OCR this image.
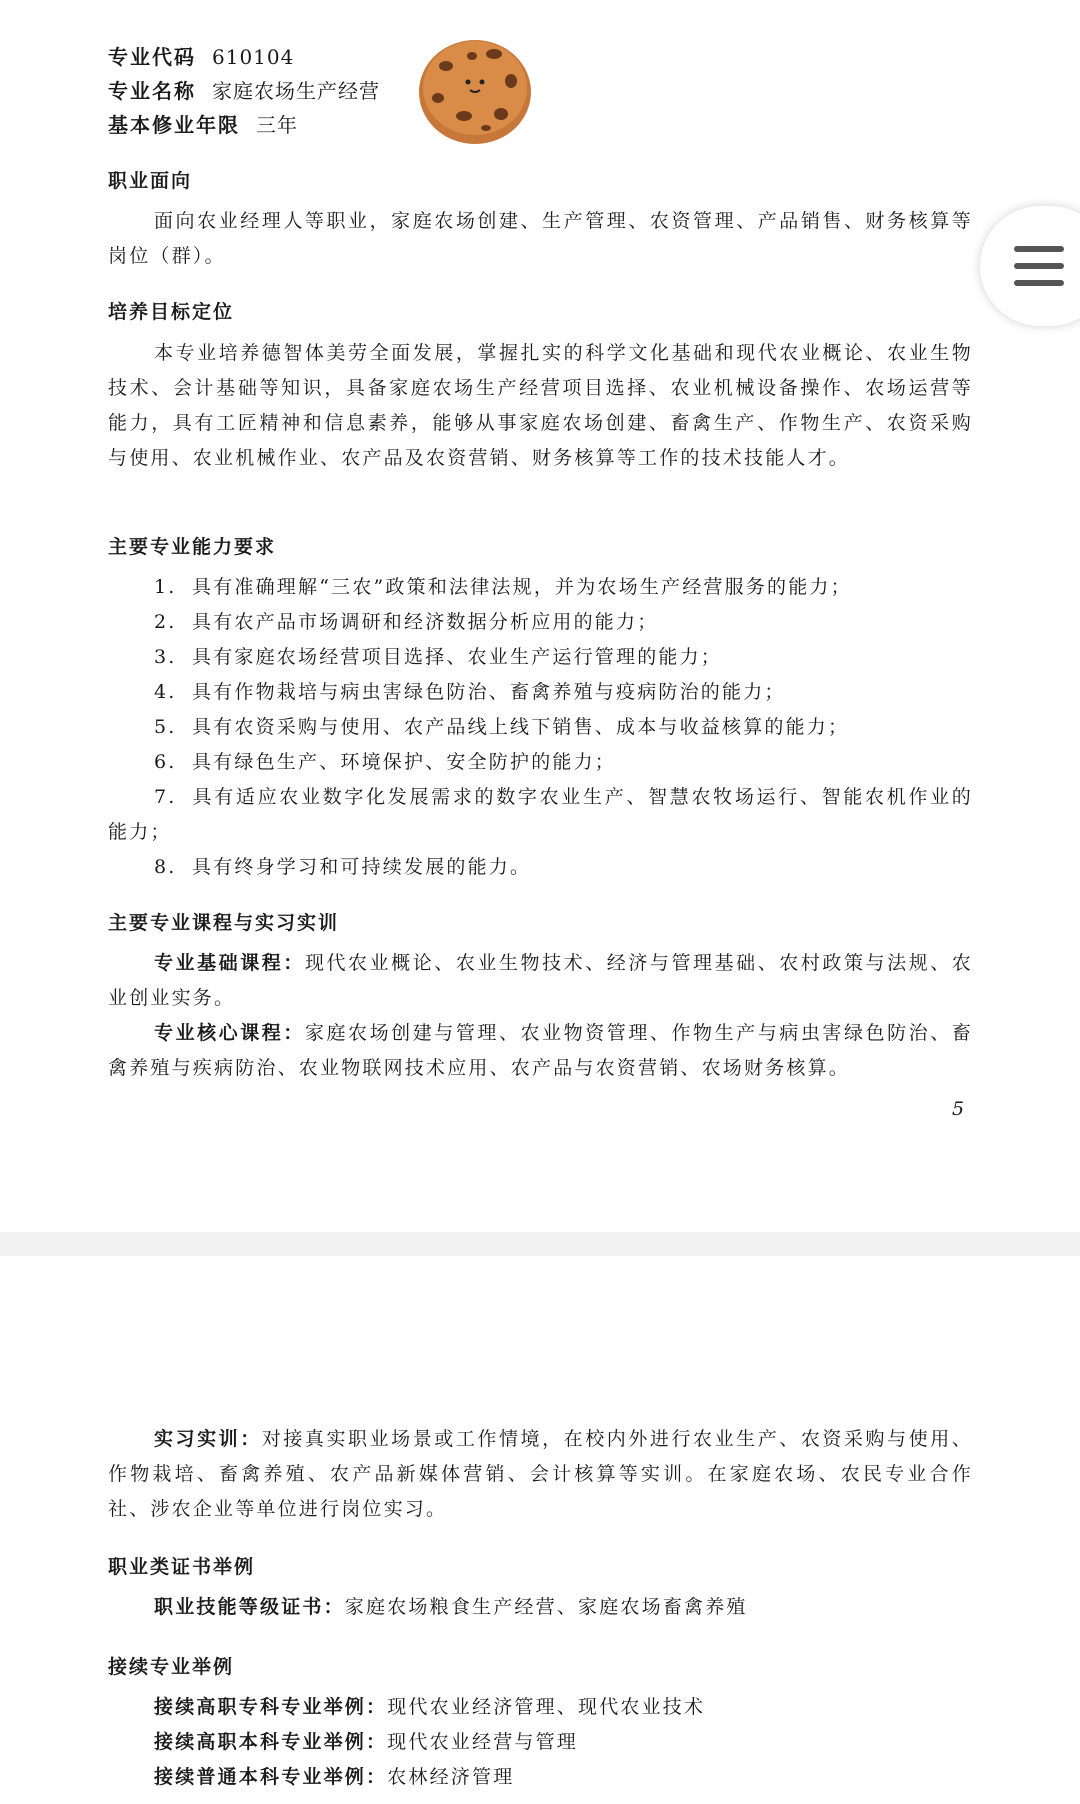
专业代码 610104
专业名称 家庭农场生产经营
基本修业年限 三年
职业面向

面向农业经理人等职业，家庭农场创建、生产管理、农资管理、产品销售、财务核算等岗位（群）。

培养目标定位

本专业培养德智体美劳全面发展，掌握扎实的科学文化基础和现代农业概论、农业生物技术、会计基础等知识，具备家庭农场生产经营项目选择、农业机械设备操作、农场运营等能力，具有工匠精神和信息素养，能够从事家庭农场创建、畜禽生产、作物生产、农资采购与使用、农业机械作业、农产品及农资营销、财务核算等工作的技术技能人才。

主要专业能力要求

1. 具有准确理解“三农”政策和法律法规，并为农场生产经营服务的能力；

2. 具有农产品市场调研和经济数据分析应用的能力；

3. 具有家庭农场经营项目选择、农业生产运行管理的能力；

4. 具有作物栽培与病虫害绿色防治、畜禽养殖与疫病防治的能力；

5. 具有农资采购与使用、农产品线上线下销售、成本与收益核算的能力；

6. 具有绿色生产、环境保护、安全防护的能力；

7. 具有适应农业数字化发展需求的数字农业生产、智慧农牧场运行、智能农机作业的能力；

8. 具有终身学习和可持续发展的能力。

主要专业课程与实习实训

专业基础课程：现代农业概论、农业生物技术、经济与管理基础、农村政策与法规、农业创业实务。

专业核心课程：家庭农场创建与管理、农业物资管理、作物生产与病虫害绿色防治、畜禽养殖与疾病防治、农业物联网技术应用、农产品与农资营销、农场财务核算。

5

实习实训：对接真实职业场景或工作情境，在校内外进行农业生产、农资采购与使用、作物栽培、畜禽养殖、农产品新媒体营销、会计核算等实训。在家庭农场、农民专业合作社、涉农企业等单位进行岗位实习。

职业类证书举例

职业技能等级证书：家庭农场粮食生产经营、家庭农场畜禽养殖

接续专业举例

接续高职专科专业举例：现代农业经济管理、现代农业技术

接续高职本科专业举例：现代农业经营与管理

接续普通本科专业举例：农林经济管理
